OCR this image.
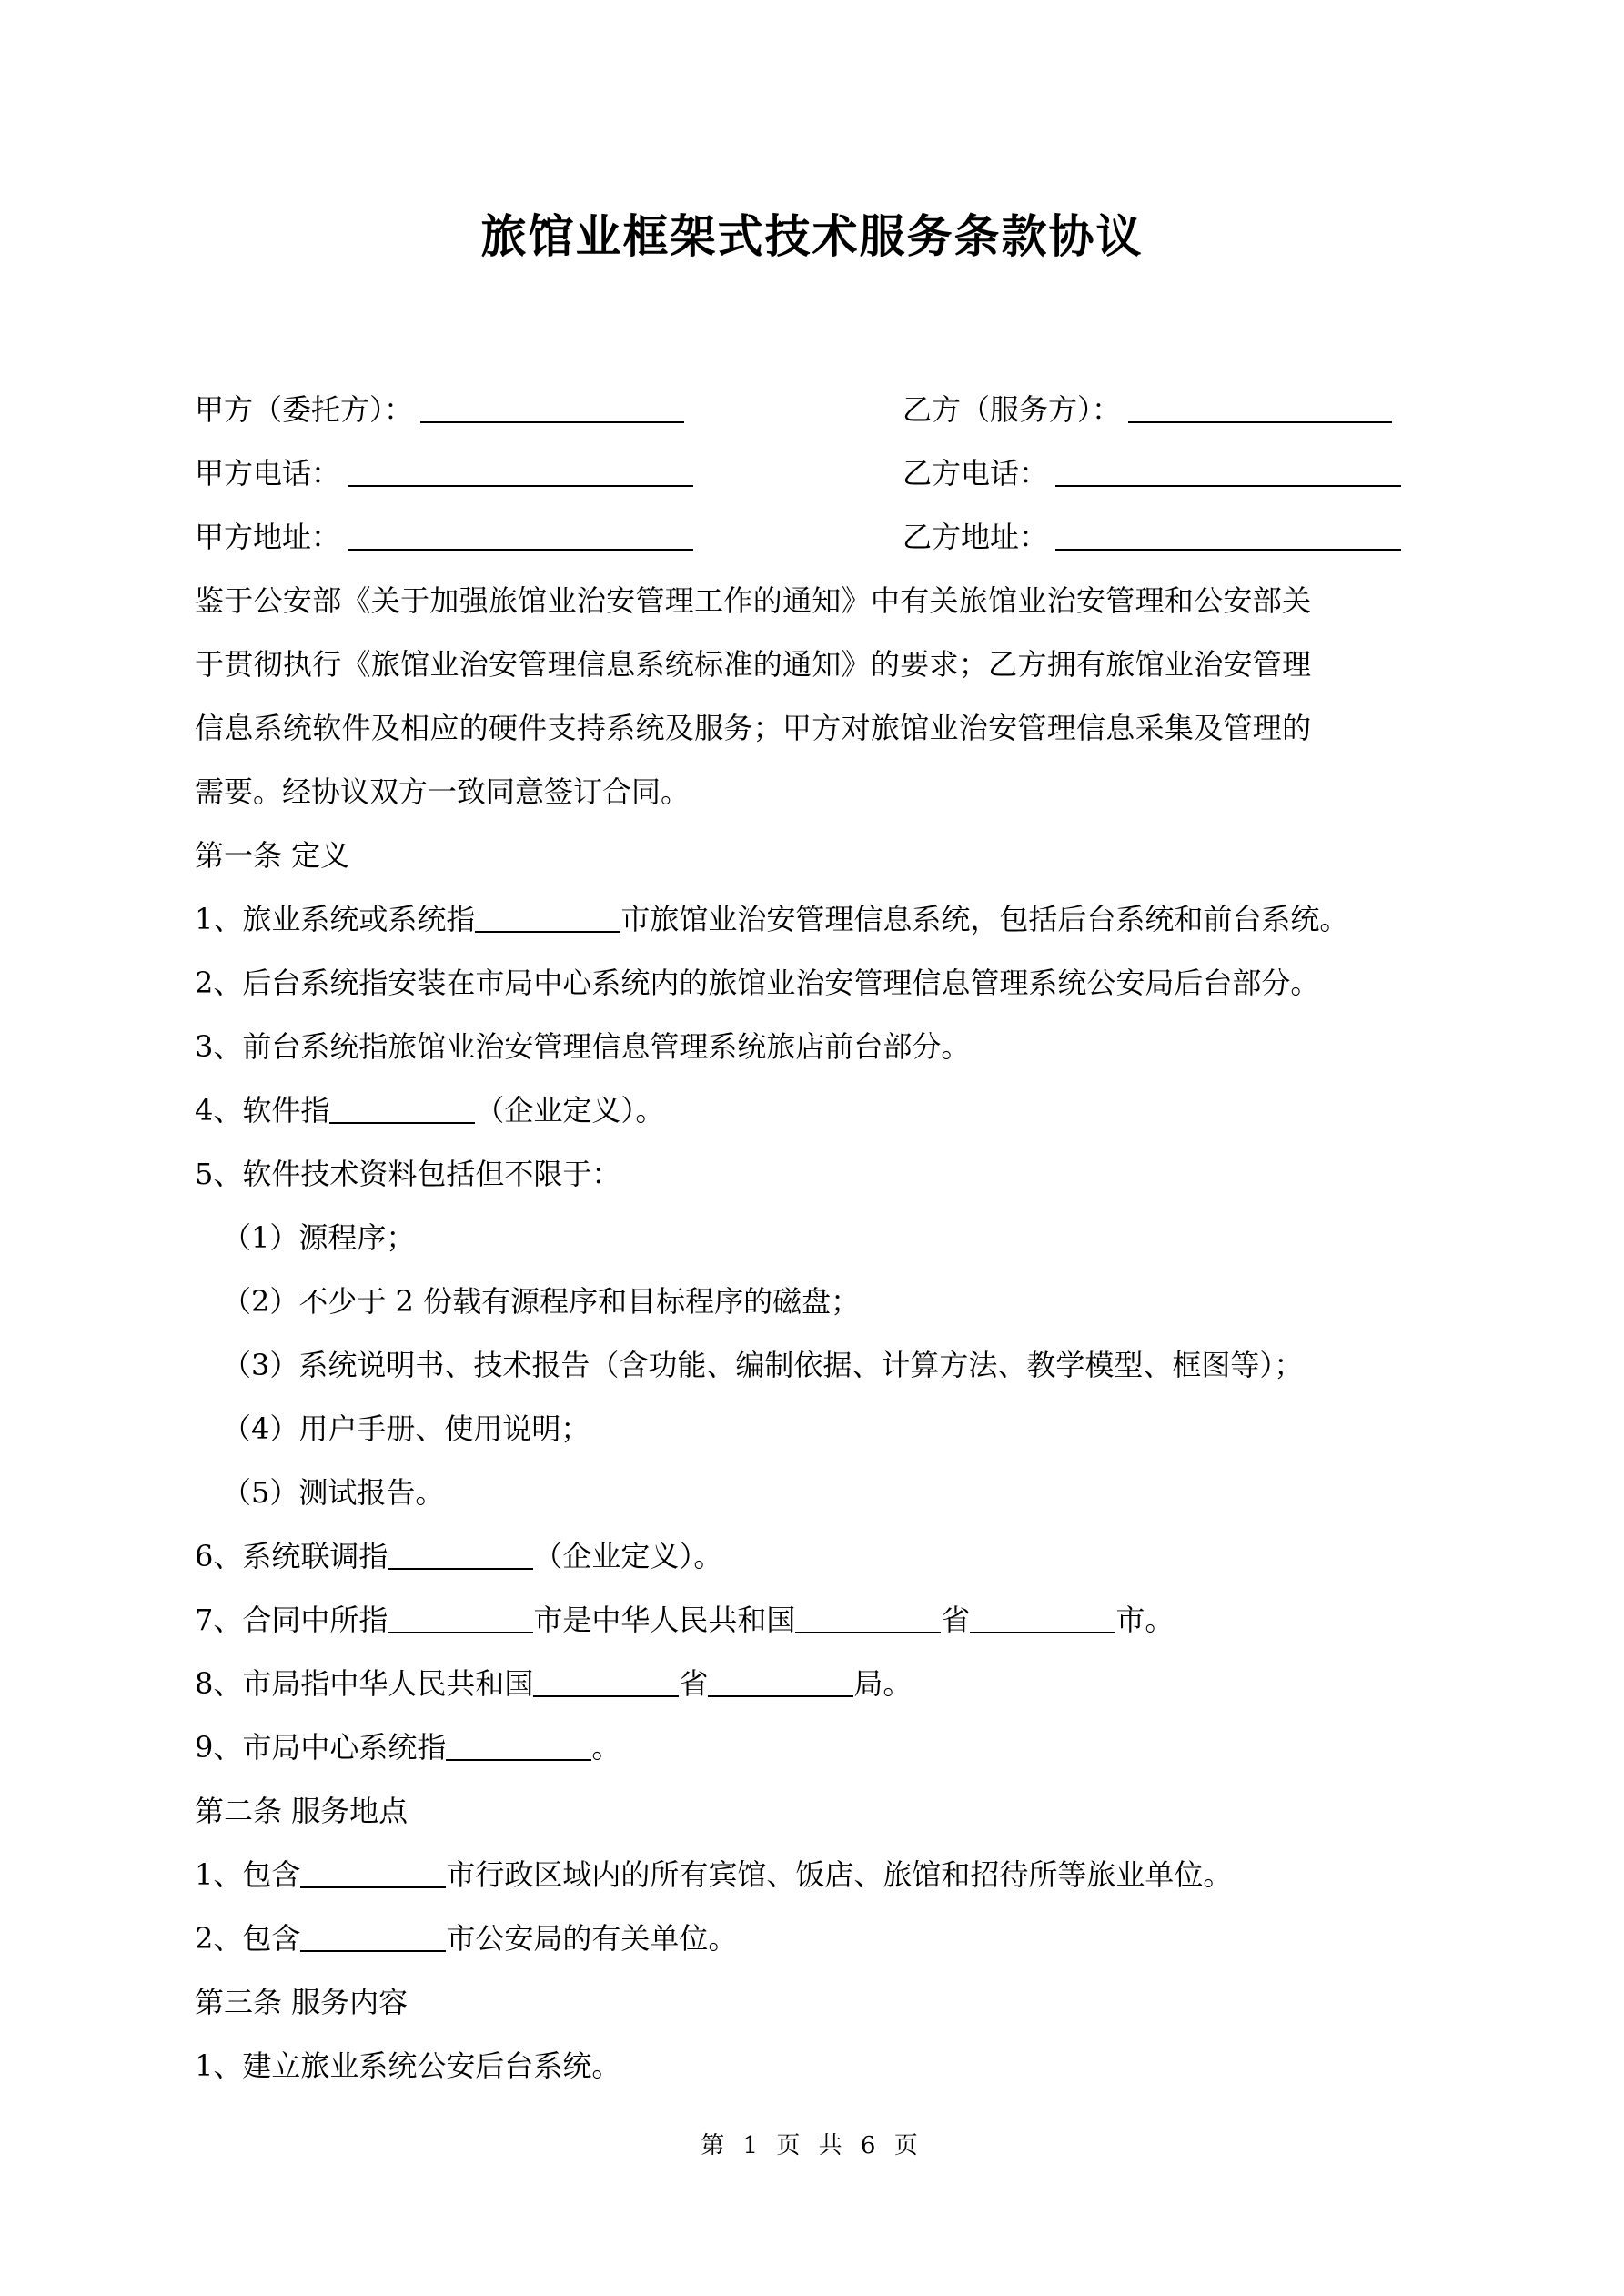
旅馆业框架式技术服务条款协议
甲方（委托方）：	乙方（服务方）：
甲方电话：	乙方电话：
甲方地址：	乙方地址：
鉴于公安部《关于加强旅馆业治安管理工作的通知》中有关旅馆业治安管理和公安部关
于贯彻执行《旅馆业治安管理信息系统标准的通知》的要求；乙方拥有旅馆业治安管理
信息系统软件及相应的硬件支持系统及服务；甲方对旅馆业治安管理信息采集及管理的
需要。经协议双方一致同意签订合同。
第一条 定义
1、旅业系统或系统指	市旅馆业治安管理信息系统，包括后台系统和前台系统。
2、后台系统指安装在市局中心系统内的旅馆业治安管理信息管理系统公安局后台部分。
3、前台系统指旅馆业治安管理信息管理系统旅店前台部分。
4、软件指	（企业定义）。
5、软件技术资料包括但不限于：
（1）源程序；
（2）不少于 2 份载有源程序和目标程序的磁盘；
（3）系统说明书、技术报告（含功能、编制依据、计算方法、教学模型、框图等）；
（4）用户手册、使用说明；
（5）测试报告。
6、系统联调指	（企业定义）。
7、合同中所指	市是中华人民共和国	省	市。
8、市局指中华人民共和国	省	局。
9、市局中心系统指	。
第二条 服务地点
1、包含	市行政区域内的所有宾馆、饭店、旅馆和招待所等旅业单位。
2、包含	市公安局的有关单位。
第三条 服务内容
1、建立旅业系统公安后台系统。
第 1 页 共 6 页
